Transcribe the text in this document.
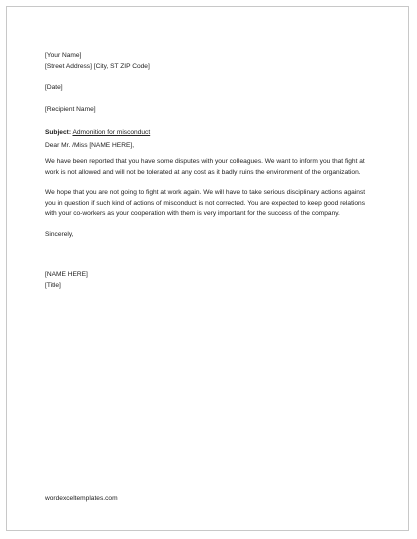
[Your Name]

[Street Address] [City, ST ZIP Code]

[Date]

[Recipient Name]

Subject: Admonition for misconduct

Dear Mr. /Miss [NAME HERE],

We have been reported that you have some disputes with your colleagues. We want to inform you that fight at work is not allowed and will not be tolerated at any cost as it badly ruins the environment of the organization.

We hope that you are not going to fight at work again. We will have to take serious disciplinary actions against you in question if such kind of actions of misconduct is not corrected. You are expected to keep good relations with your co-workers as your cooperation with them is very important for the success of the company.

Sincerely,

[NAME HERE]

[Title]

wordexceltemplates.com
